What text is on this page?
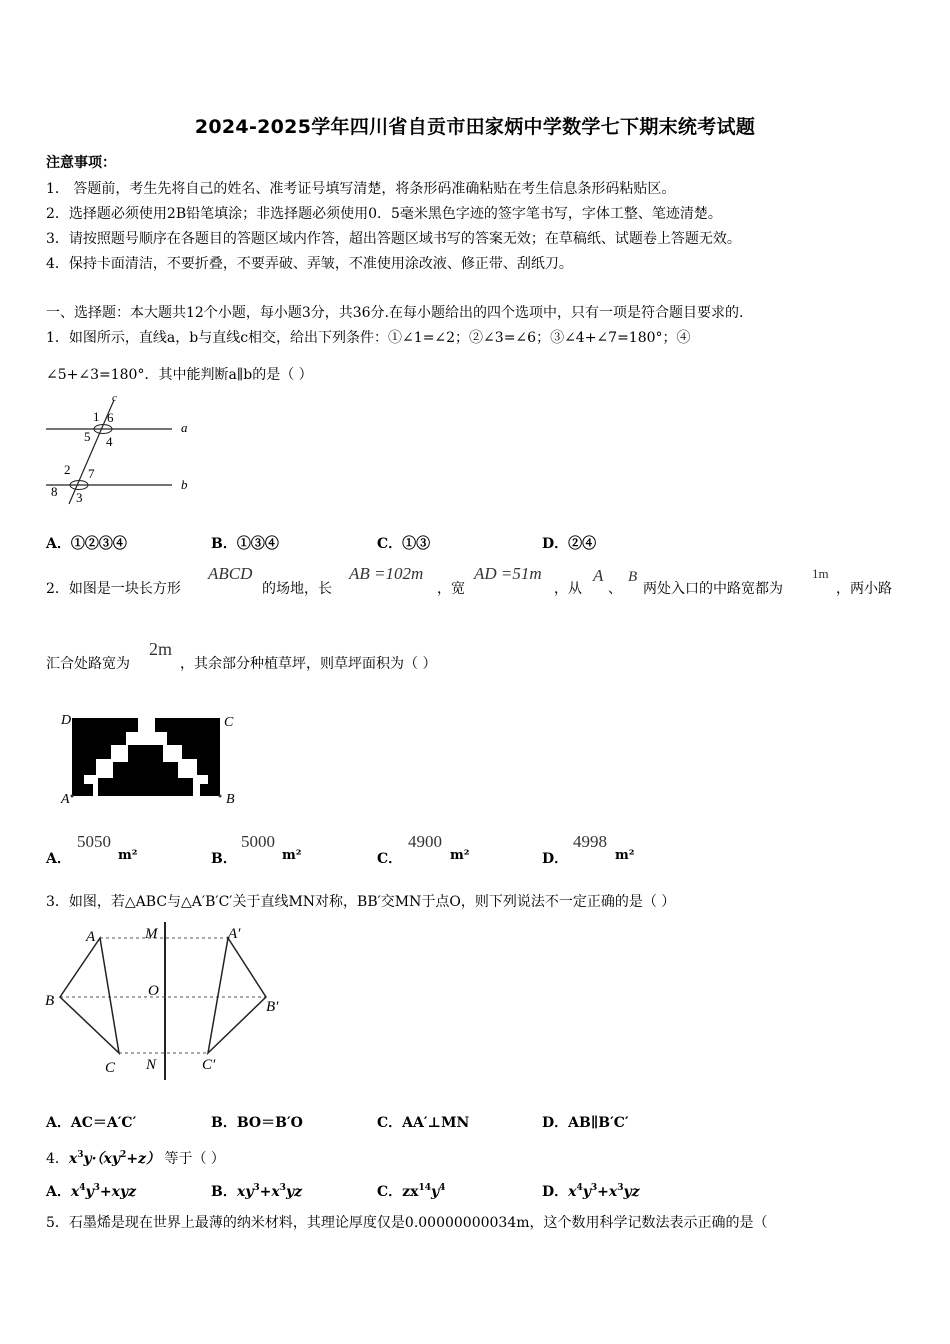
2024-2025学年四川省自贡市田家炳中学数学七下期末统考试题
注意事项：
1． 答题前，考生先将自己的姓名、准考证号填写清楚，将条形码准确粘贴在考生信息条形码粘贴区。
2．选择题必须使用2B铅笔填涂；非选择题必须使用0．5毫米黑色字迹的签字笔书写，字体工整、笔迹清楚。
3．请按照题号顺序在各题目的答题区域内作答，超出答题区域书写的答案无效；在草稿纸、试题卷上答题无效。
4．保持卡面清洁，不要折叠，不要弄破、弄皱，不准使用涂改液、修正带、刮纸刀。
一、选择题：本大题共12个小题，每小题3分，共36分.在每小题给出的四个选项中，只有一项是符合题目要求的.
1．如图所示，直线a，b与直线c相交，给出下列条件：①∠1=∠2；②∠3=∠6；③∠4+∠7=180°；④
∠5+∠3=180°．其中能判断a∥b的是（ ）
c
1 6
5 4
a
2 7
8 3
b
A．①②③④	B．①③④	C．①③	D．②④
2．如图是一块长方形
ABCD
的场地，长
AB =102m
，宽
AD =51m
，从
A
、
B
两处入口的中路宽都为
1m
，两小路
汇合处路宽为
2m
，其余部分种植草坪，则草坪面积为（ ）
D	C
A	B
A．
5050
m²	B．
5000
m²	C．
4900
m²	D．
4998
m²
3．如图，若△ABC与△A′B′C′关于直线MN对称，BB′交MN于点O，则下列说法不一定正确的是（ ）
A	M	A′
B
O
B′
C N	C′
A．AC＝A′C′	B．BO＝B′O	C．AA′⊥MN	D．AB∥B′C′
4．$x^3y\cdot(xy^2+z)$ 等于（ ）
A．$x^4y^3+xyz$	B．$xy^3+x^3yz$	C．$zx^{14}y^4$	D．$x^4y^3+x^3yz$
5．石墨烯是现在世界上最薄的纳米材料，其理论厚度仅是0.00000000034m，这个数用科学记数法表示正确的是（
